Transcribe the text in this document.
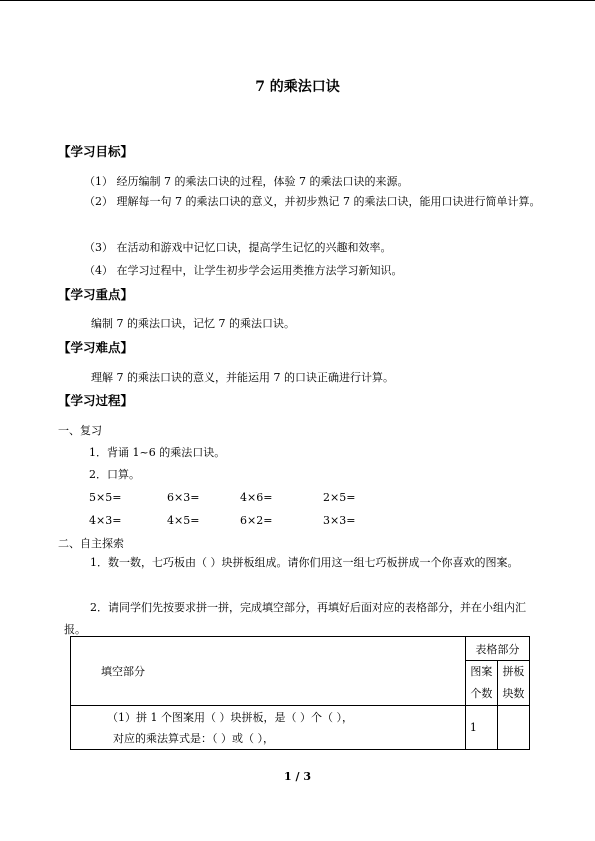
7 的乘法口诀
【学习目标】
（1） 经历编制 7 的乘法口诀的过程，体验 7 的乘法口诀的来源。
（2） 理解每一句 7 的乘法口诀的意义，并初步熟记 7 的乘法口诀，能用口诀进行简单计算。
（3） 在活动和游戏中记忆口诀，提高学生记忆的兴趣和效率。
（4） 在学习过程中，让学生初步学会运用类推方法学习新知识。
【学习重点】
编制 7 的乘法口诀，记忆 7 的乘法口诀。
【学习难点】
理解 7 的乘法口诀的意义，并能运用 7 的口诀正确进行计算。
【学习过程】
一、复习
1．背诵 1~6 的乘法口诀。
2．口算。
5×5=	6×3=	4×6=	2×5=
4×3=	4×5=	6×2=	3×3=
二、自主探索
1．数一数，七巧板由（ ）块拼板组成。请你们用这一组七巧板拼成一个你喜欢的图案。
2．请同学们先按要求拼一拼，完成填空部分，再填好后面对应的表格部分，并在小组内汇报。
填空部分	表格部分	
	图案个数	拼板块数

（1）拼 1 个图案用（ ）块拼板，是（ ）个（ ），
对应的乘法算式是：（ ）或（ ），	1	
1 / 3
